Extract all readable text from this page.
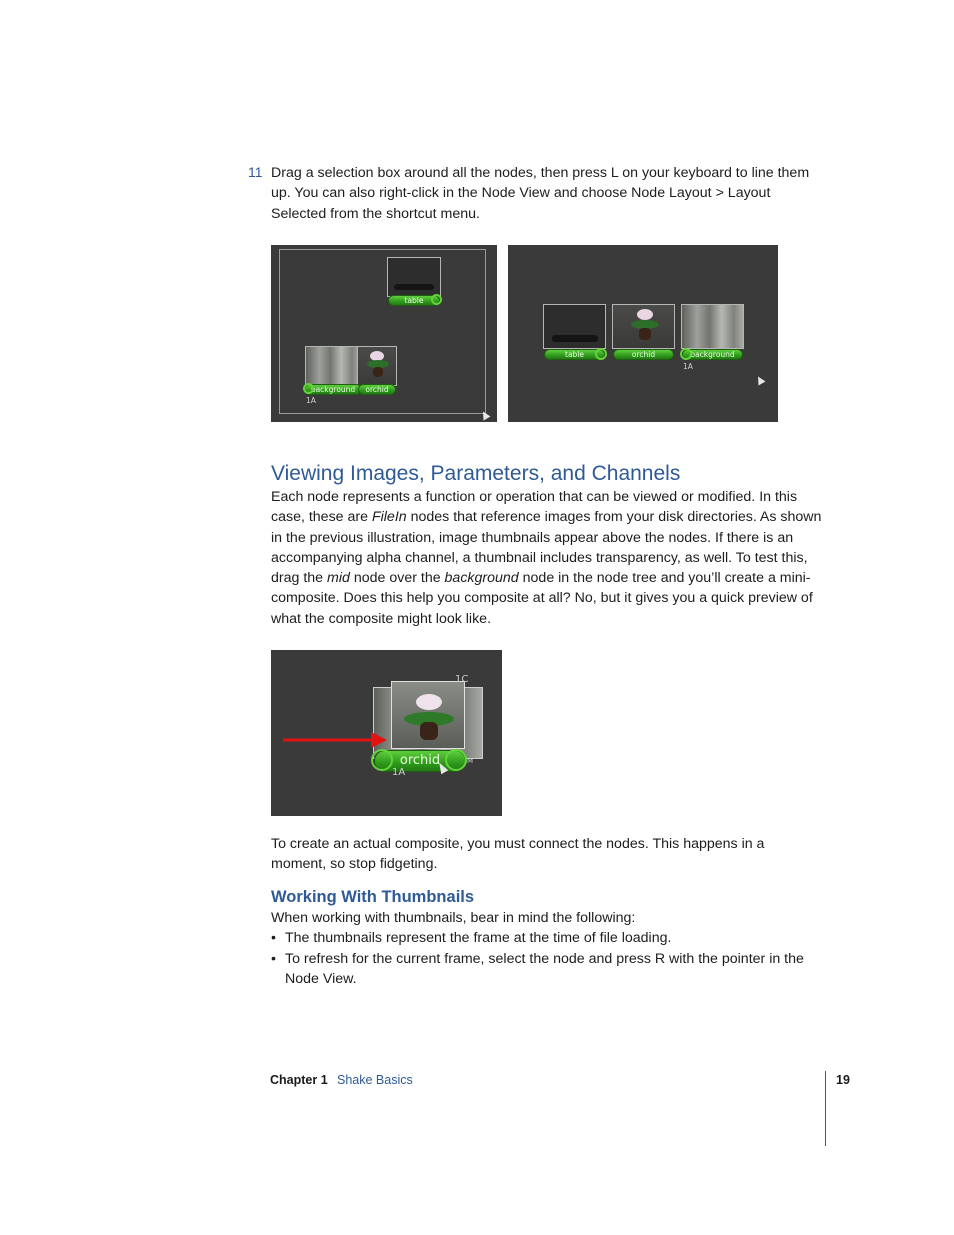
11 Drag a selection box around all the nodes, then press L on your keyboard to line them
up. You can also right-click in the Node View and choose Node Layout > Layout
Selected from the shortcut menu.
table
background	orchid
1A
table	orchid	background
1A
Viewing Images, Parameters, and Channels
Each node represents a function or operation that can be viewed or modified. In this
case, these are FileIn nodes that reference images from your disk directories. As shown
in the previous illustration, image thumbnails appear above the nodes. If there is an
accompanying alpha channel, a thumbnail includes transparency, as well. To test this,
drag the mid node over the background node in the node tree and you’ll create a mini-
composite. Does this help you composite at all? No, but it gives you a quick preview of
what the composite might look like.
1C
orchid	M
1A
To create an actual composite, you must connect the nodes. This happens in a
moment, so stop fidgeting.
Working With Thumbnails
When working with thumbnails, bear in mind the following:
• The thumbnails represent the frame at the time of file loading.
• To refresh for the current frame, select the node and press R with the pointer in the
Node View.
Chapter 1 Shake Basics	19
